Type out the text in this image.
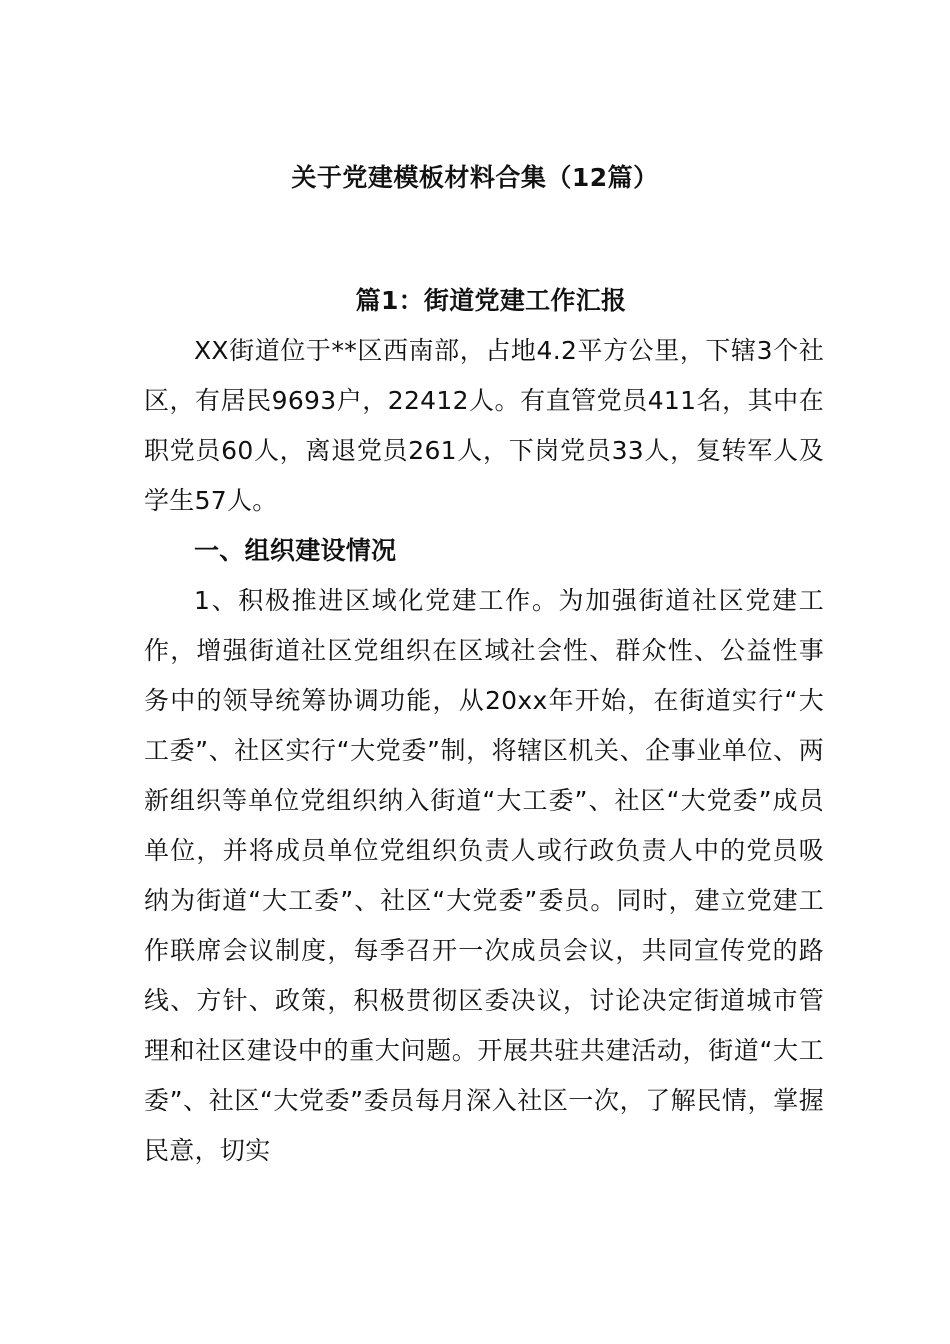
关于党建模板材料合集（12篇）

篇1：街道党建工作汇报

XX街道位于**区西南部，占地4.2平方公里，下辖3个社区，有居民9693户，22412人。有直管党员411名，其中在职党员60人，离退党员261人，下岗党员33人，复转军人及学生57人。

一、组织建设情况

1、积极推进区域化党建工作。为加强街道社区党建工作，增强街道社区党组织在区域社会性、群众性、公益性事务中的领导统筹协调功能，从20xx年开始，在街道实行“大工委”、社区实行“大党委”制，将辖区机关、企事业单位、两新组织等单位党组织纳入街道“大工委”、社区“大党委”成员单位，并将成员单位党组织负责人或行政负责人中的党员吸纳为街道“大工委”、社区“大党委”委员。同时，建立党建工作联席会议制度，每季召开一次成员会议，共同宣传党的路线、方针、政策，积极贯彻区委决议，讨论决定街道城市管理和社区建设中的重大问题。开展共驻共建活动，街道“大工委”、社区“大党委”委员每月深入社区一次，了解民情，掌握民意，切实
